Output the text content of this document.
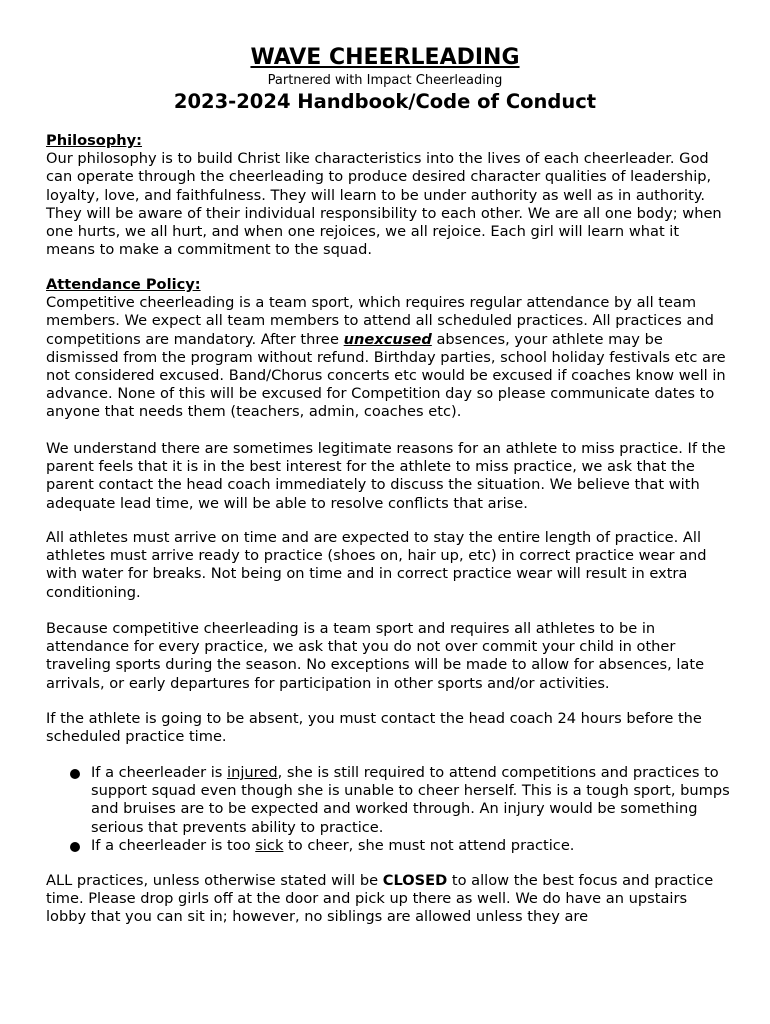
WAVE CHEERLEADING
Partnered with Impact Cheerleading
2023-2024 Handbook/Code of Conduct
Philosophy:
Our philosophy is to build Christ like characteristics into the lives of each cheerleader. God can operate through the cheerleading to produce desired character qualities of leadership, loyalty, love, and faithfulness. They will learn to be under authority as well as in authority. They will be aware of their individual responsibility to each other. We are all one body; when one hurts, we all hurt, and when one rejoices, we all rejoice. Each girl will learn what it means to make a commitment to the squad.
Attendance Policy:
Competitive cheerleading is a team sport, which requires regular attendance by all team members. We expect all team members to attend all scheduled practices. All practices and competitions are mandatory. After three unexcused absences, your athlete may be dismissed from the program without refund. Birthday parties, school holiday festivals etc are not considered excused. Band/Chorus concerts etc would be excused if coaches know well in advance. None of this will be excused for Competition day so please communicate dates to anyone that needs them (teachers, admin, coaches etc).
We understand there are sometimes legitimate reasons for an athlete to miss practice. If the parent feels that it is in the best interest for the athlete to miss practice, we ask that the parent contact the head coach immediately to discuss the situation. We believe that with adequate lead time, we will be able to resolve conflicts that arise.
All athletes must arrive on time and are expected to stay the entire length of practice. All athletes must arrive ready to practice (shoes on, hair up, etc) in correct practice wear and with water for breaks. Not being on time and in correct practice wear will result in extra conditioning.
Because competitive cheerleading is a team sport and requires all athletes to be in attendance for every practice, we ask that you do not over commit your child in other traveling sports during the season. No exceptions will be made to allow for absences, late arrivals, or early departures for participation in other sports and/or activities.
If the athlete is going to be absent, you must contact the head coach 24 hours before the scheduled practice time.
If a cheerleader is injured, she is still required to attend competitions and practices to support squad even though she is unable to cheer herself. This is a tough sport, bumps and bruises are to be expected and worked through. An injury would be something serious that prevents ability to practice.
If a cheerleader is too sick to cheer, she must not attend practice.
ALL practices, unless otherwise stated will be CLOSED to allow the best focus and practice time. Please drop girls off at the door and pick up there as well. We do have an upstairs lobby that you can sit in; however, no siblings are allowed unless they are
